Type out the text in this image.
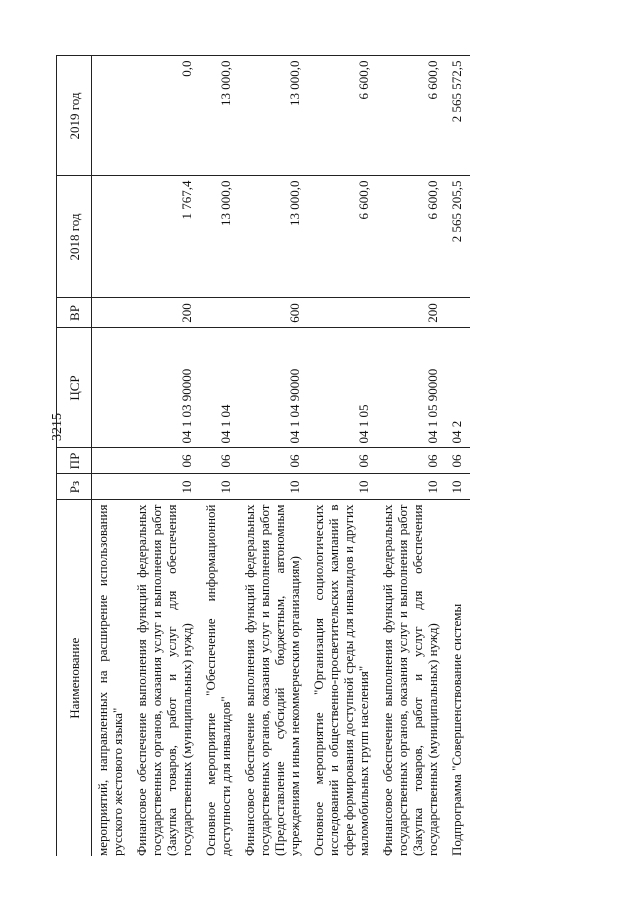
3215
Наименование	Рз	ПР	ЦСР	ВР	2018 год	2019 год
мероприятий, направленных на расширение использования русского жестового языка"						
Финансовое обеспечение выполнения функций федеральных государственных органов, оказания услуг и выполнения работ (Закупка товаров, работ и услуг для обеспечения государственных (муниципальных) нужд)	10	06	04 1 03 90000	200	1 767,4	0,0
Основное мероприятие "Обеспечение информационной доступности для инвалидов"	10	06	04 1 04		13 000,0	13 000,0
Финансовое обеспечение выполнения функций федеральных государственных органов, оказания услуг и выполнения работ (Предоставление субсидий бюджетным, автономным учреждениям и иным некоммерческим организациям)	10	06	04 1 04 90000	600	13 000,0	13 000,0
Основное мероприятие "Организация социологических исследований и общественно-просветительских кампаний в сфере формирования доступной среды для инвалидов и других маломобильных групп населения"	10	06	04 1 05		6 600,0	6 600,0
Финансовое обеспечение выполнения функций федеральных государственных органов, оказания услуг и выполнения работ (Закупка товаров, работ и услуг для обеспечения государственных (муниципальных) нужд)	10	06	04 1 05 90000	200	6 600,0	6 600,0
Подпрограмма "Совершенствование системы	10	06	04 2		2 565 205,5	2 565 572,5
